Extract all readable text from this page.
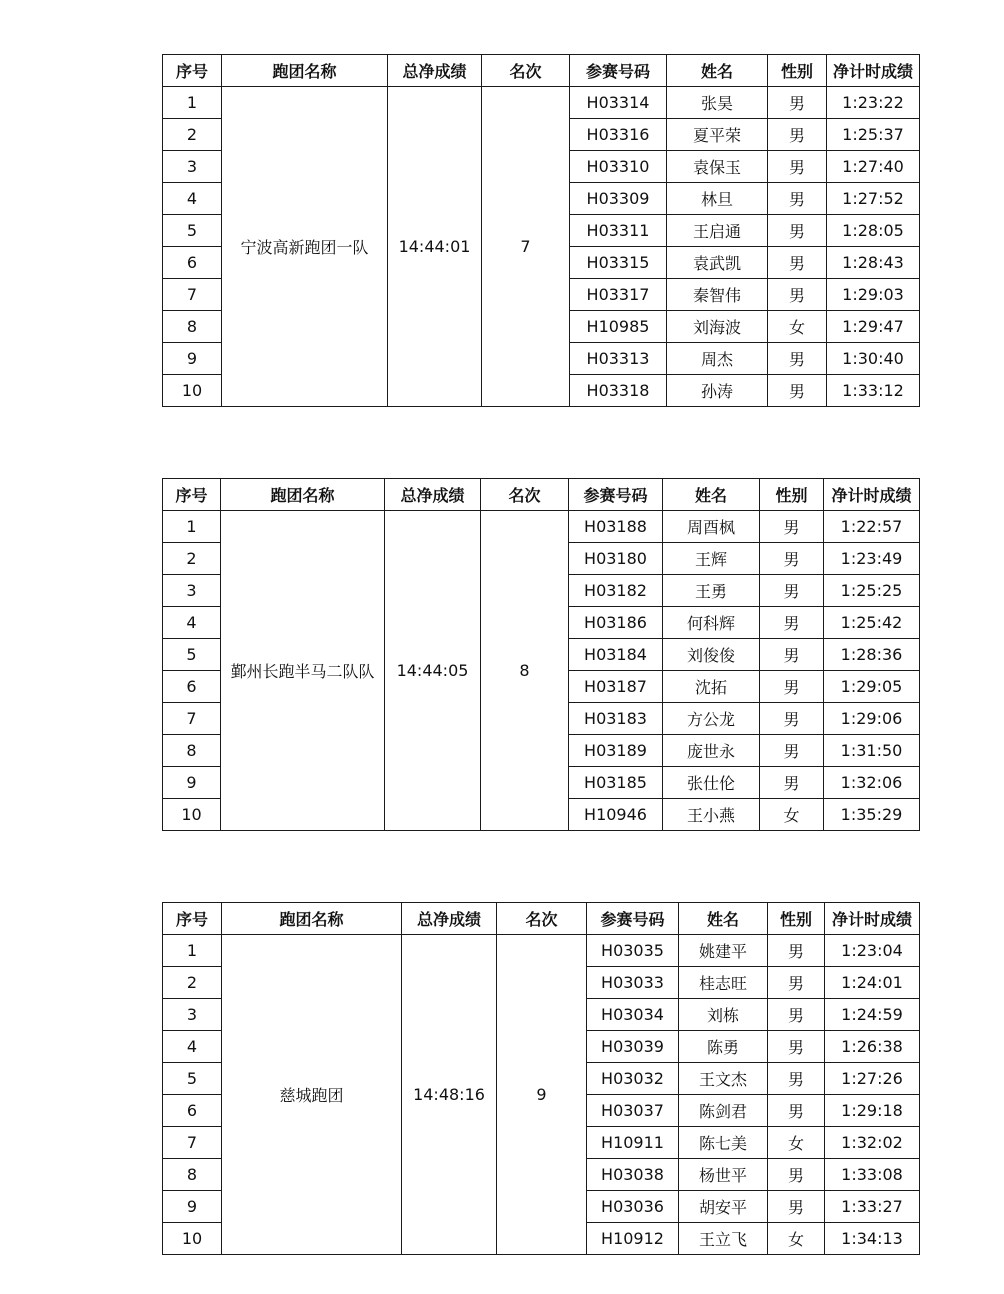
序号	跑团名称	总净成绩	名次	参赛号码	姓名	性别	净计时成绩
1	宁波高新跑团一队	14:44:01	7	H03314	张昊	男	1:23:22
2				H03316	夏平荣	男	1:25:37
3				H03310	袁保玉	男	1:27:40
4				H03309	林旦	男	1:27:52
5				H03311	王启通	男	1:28:05
6				H03315	袁武凯	男	1:28:43
7				H03317	秦智伟	男	1:29:03
8				H10985	刘海波	女	1:29:47
9				H03313	周杰	男	1:30:40
10				H03318	孙涛	男	1:33:12
序号	跑团名称	总净成绩	名次	参赛号码	姓名	性别	净计时成绩
1	鄞州长跑半马二队队	14:44:05	8	H03188	周酉枫	男	1:22:57
2				H03180	王辉	男	1:23:49
3				H03182	王勇	男	1:25:25
4				H03186	何科辉	男	1:25:42
5				H03184	刘俊俊	男	1:28:36
6				H03187	沈拓	男	1:29:05
7				H03183	方公龙	男	1:29:06
8				H03189	庞世永	男	1:31:50
9				H03185	张仕伦	男	1:32:06
10				H10946	王小燕	女	1:35:29
序号	跑团名称	总净成绩	名次	参赛号码	姓名	性别	净计时成绩
1	慈城跑团	14:48:16	9	H03035	姚建平	男	1:23:04
2				H03033	桂志旺	男	1:24:01
3				H03034	刘栋	男	1:24:59
4				H03039	陈勇	男	1:26:38
5				H03032	王文杰	男	1:27:26
6				H03037	陈剑君	男	1:29:18
7				H10911	陈七美	女	1:32:02
8				H03038	杨世平	男	1:33:08
9				H03036	胡安平	男	1:33:27
10				H10912	王立飞	女	1:34:13
